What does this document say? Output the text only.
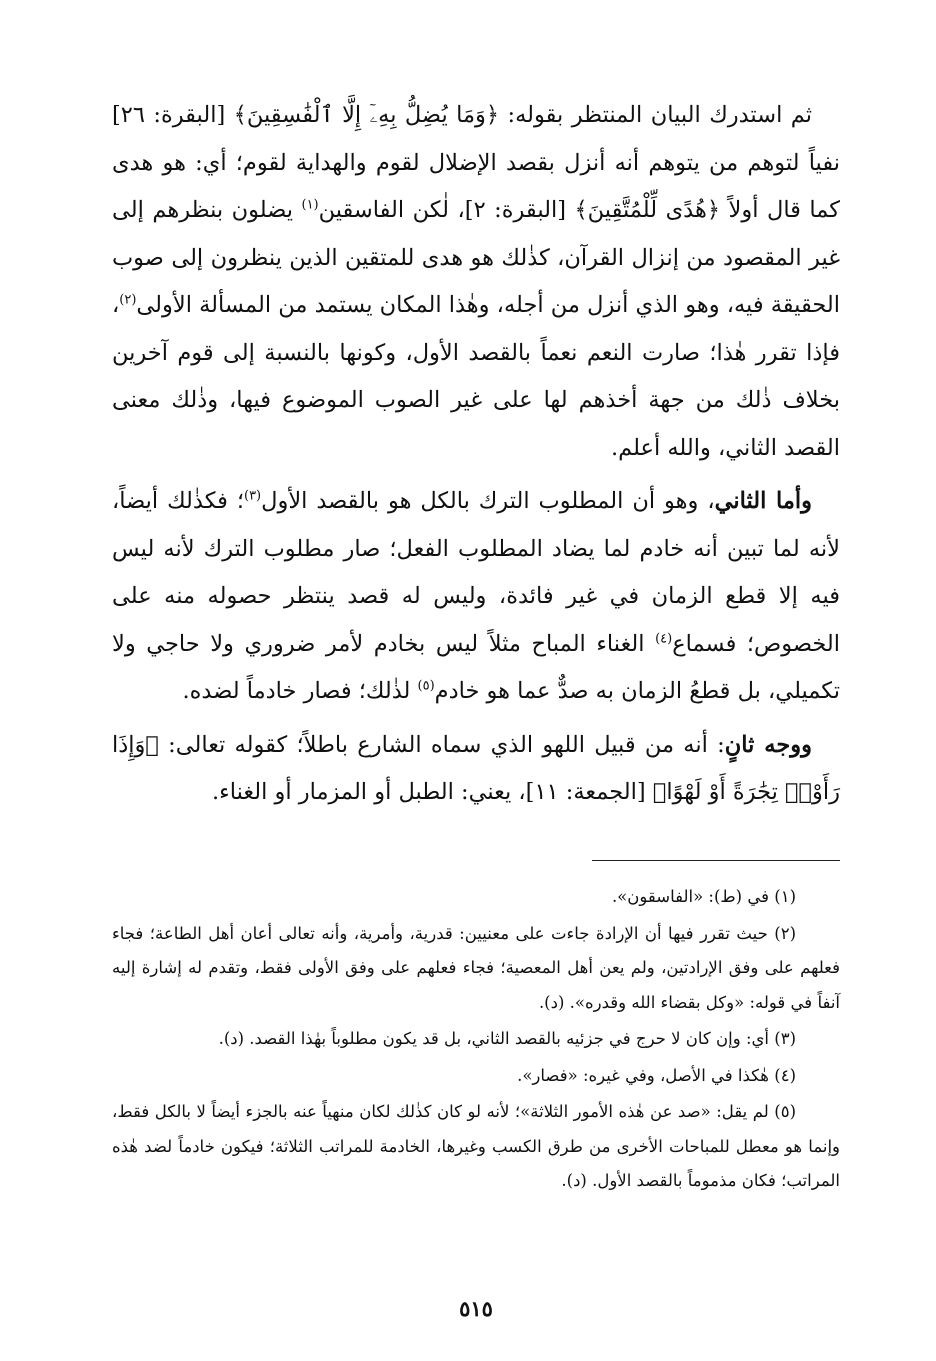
ثم استدرك البيان المنتظر بقوله: ﴿وَمَا يُضِلُّ بِهِۦٓ إِلَّا ٱلْفَٰسِقِينَ﴾ [البقرة: ٢٦] نفياً لتوهم من يتوهم أنه أنزل بقصد الإضلال لقوم والهداية لقوم؛ أي: هو هدى كما قال أولاً ﴿هُدًى لِّلْمُتَّقِينَ﴾ [البقرة: ٢]، لٰكن الفاسقين$^{(١)}$ يضلون بنظرهم إلى غير المقصود من إنزال القرآن، كذٰلك هو هدى للمتقين الذين ينظرون إلى صوب الحقيقة فيه، وهو الذي أنزل من أجله، وهٰذا المكان يستمد من المسألة الأولى$^{(٢)}$، فإذا تقرر هٰذا؛ صارت النعم نعماً بالقصد الأول، وكونها بالنسبة إلى قوم آخرين بخلاف ذٰلك من جهة أخذهم لها على غير الصوب الموضوع فيها، وذٰلك معنى القصد الثاني، والله أعلم.

وأما الثاني، وهو أن المطلوب الترك بالكل هو بالقصد الأول$^{(٣)}$؛ فكذٰلك أيضاً، لأنه لما تبين أنه خادم لما يضاد المطلوب الفعل؛ صار مطلوب الترك لأنه ليس فيه إلا قطع الزمان في غير فائدة، وليس له قصد ينتظر حصوله منه على الخصوص؛ فسماع$^{(٤)}$ الغناء المباح مثلاً ليس بخادم لأمر ضروري ولا حاجي ولا تكميلي، بل قطعُ الزمان به صدٌّ عما هو خادم$^{(٥)}$ لذٰلك؛ فصار خادماً لضده.

ووجه ثانٍ: أنه من قبيل اللهو الذي سماه الشارع باطلاً؛ كقوله تعالى: ﴿وَإِذَا رَأَوْا۟ تِجَٰرَةً أَوْ لَهْوًا﴾ [الجمعة: ١١]، يعني: الطبل أو المزمار أو الغناء.

(١) في (ط): «الفاسقون».

(٢) حيث تقرر فيها أن الإرادة جاءت على معنيين: قدرية، وأمرية، وأنه تعالى أعان أهل الطاعة؛ فجاء فعلهم على وفق الإرادتين، ولم يعن أهل المعصية؛ فجاء فعلهم على وفق الأولى فقط، وتقدم له إشارة إليه آنفاً في قوله: «وكل بقضاء الله وقدره». (د).

(٣) أي: وإن كان لا حرج في جزئيه بالقصد الثاني، بل قد يكون مطلوباً بهٰذا القصد. (د).

(٤) هٰكذا في الأصل، وفي غيره: «فصار».

(٥) لم يقل: «صد عن هٰذه الأمور الثلاثة»؛ لأنه لو كان كذٰلك لكان منهياً عنه بالجزء أيضاً لا بالكل فقط، وإنما هو معطل للمباحات الأخرى من طرق الكسب وغيرها، الخادمة للمراتب الثلاثة؛ فيكون خادماً لضد هٰذه المراتب؛ فكان مذموماً بالقصد الأول. (د).

٥١٥
